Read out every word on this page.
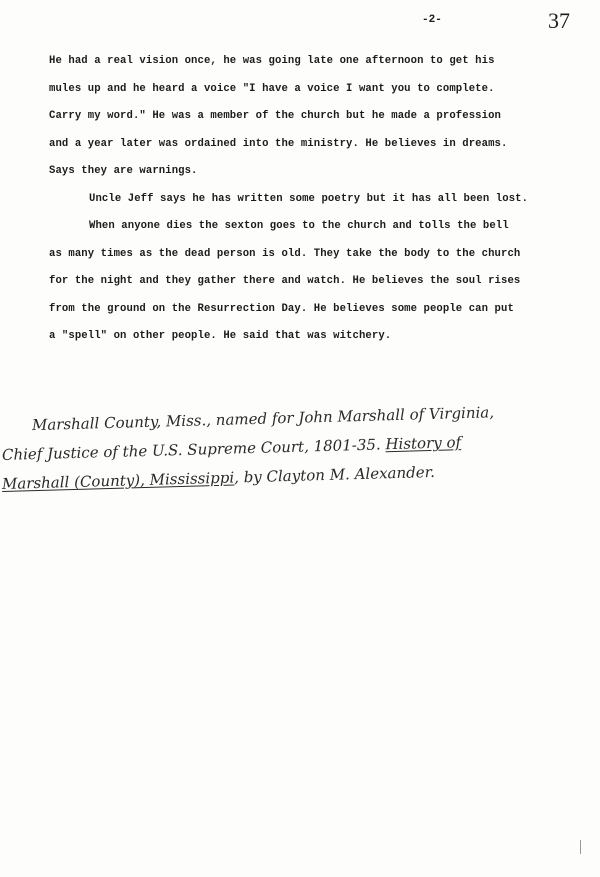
-2-	37
He had a real vision once, he was going late one afternoon to get his
mules up and he heard a voice "I have a voice I want you to complete.
Carry my word." He was a member of the church but he made a profession
and a year later was ordained into the ministry. He believes in dreams.
Says they are warnings.
Uncle Jeff says he has written some poetry but it has all been lost.
When anyone dies the sexton goes to the church and tolls the bell
as many times as the dead person is old. They take the body to the church
for the night and they gather there and watch. He believes the soul rises
from the ground on the Resurrection Day. He believes some people can put
a "spell" on other people. He said that was witchery.
Marshall County, Miss., named for John Marshall of Virginia,
Chief Justice of the U.S. Supreme Court, 1801-35. History of
Marshall (County), Mississippi, by Clayton M. Alexander.
